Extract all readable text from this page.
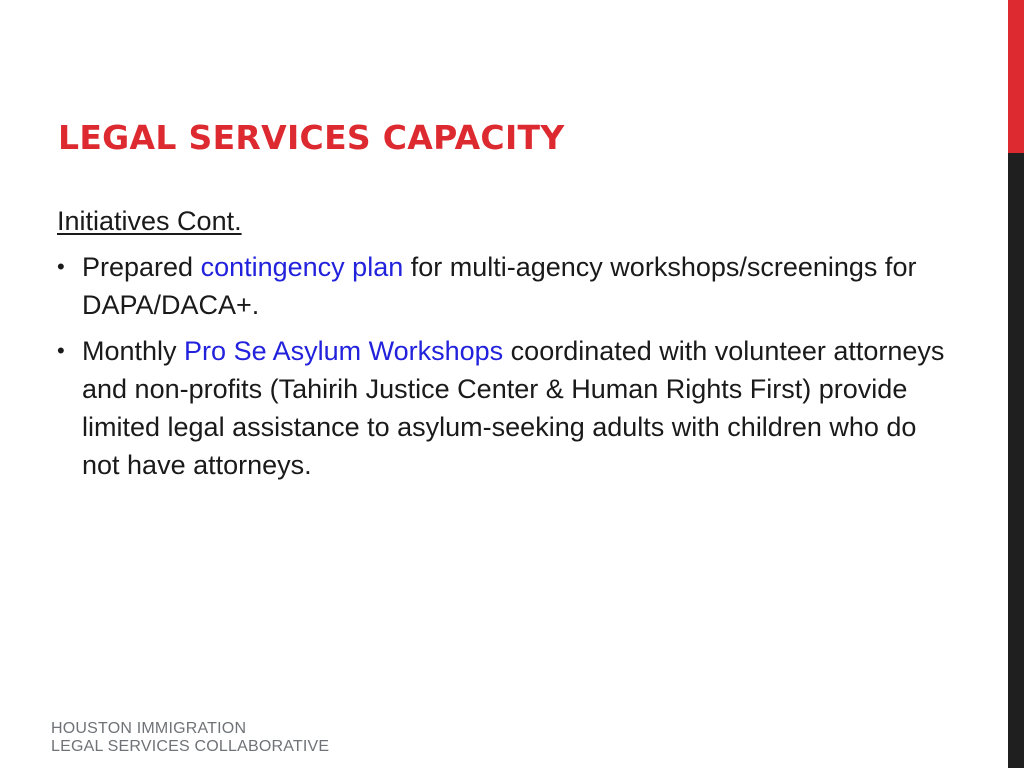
LEGAL SERVICES CAPACITY
Initiatives Cont.
• Prepared contingency plan for multi-agency workshops/screenings for DAPA/DACA+.
• Monthly Pro Se Asylum Workshops coordinated with volunteer attorneys and non-profits (Tahirih Justice Center & Human Rights First) provide limited legal assistance to asylum-seeking adults with children who do not have attorneys.
HOUSTON IMMIGRATION
LEGAL SERVICES COLLABORATIVE
